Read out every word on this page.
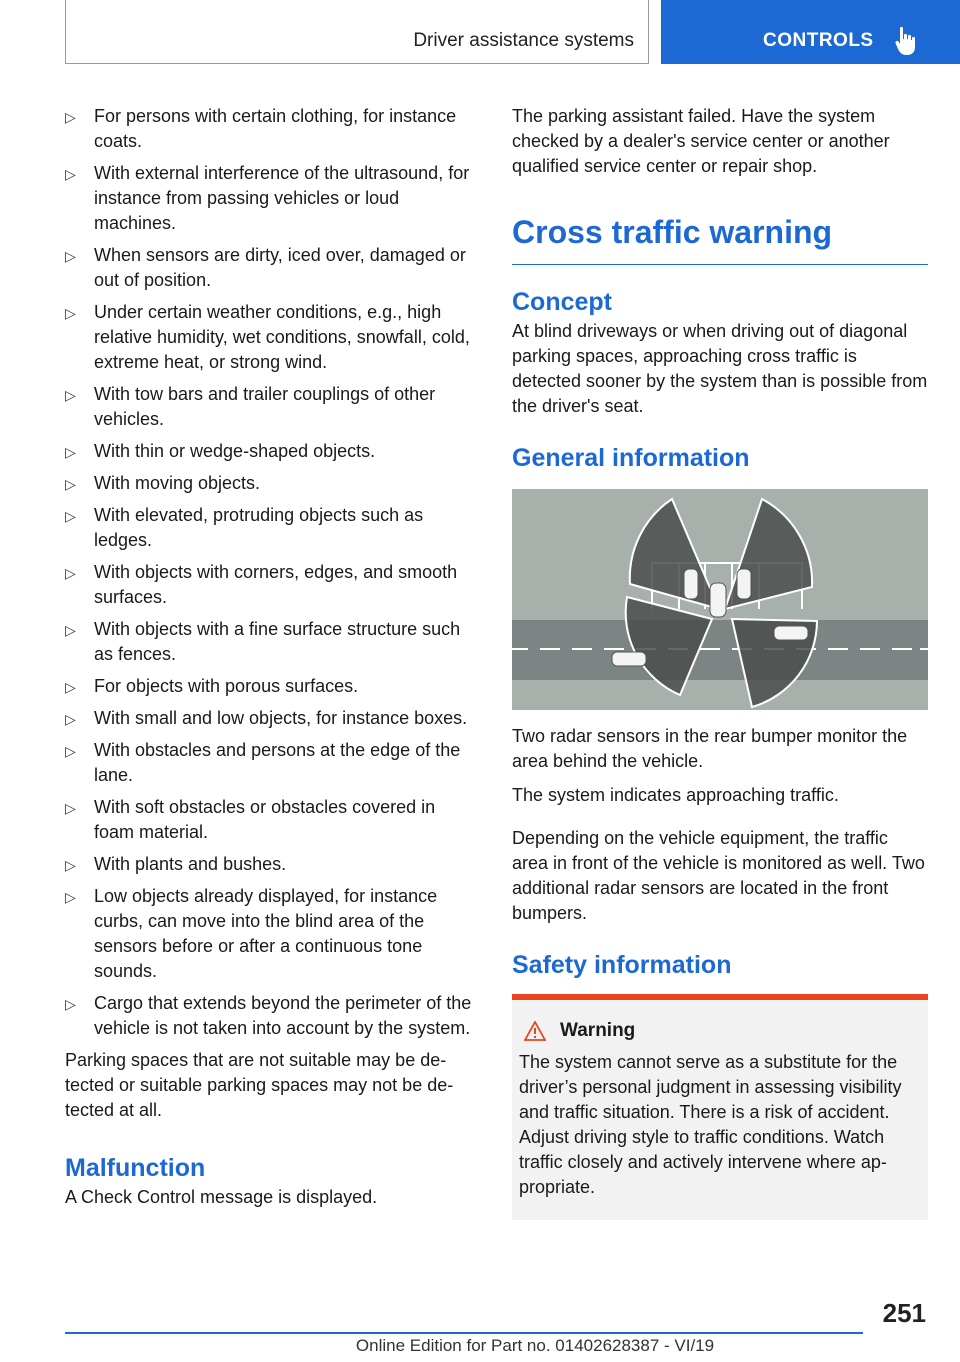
Driver assistance systems	CONTROLS
▷ For persons with certain clothing, for instance coats.
▷ With external interference of the ultrasound, for instance from passing vehicles or loud machines.
▷ When sensors are dirty, iced over, damaged or out of position.
▷ Under certain weather conditions, e.g., high relative humidity, wet conditions, snowfall, cold, extreme heat, or strong wind.
▷ With tow bars and trailer couplings of other vehicles.
▷ With thin or wedge-shaped objects.
▷ With moving objects.
▷ With elevated, protruding objects such as ledges.
▷ With objects with corners, edges, and smooth surfaces.
▷ With objects with a fine surface structure such as fences.
▷ For objects with porous surfaces.
▷ With small and low objects, for instance boxes.
▷ With obstacles and persons at the edge of the lane.
▷ With soft obstacles or obstacles covered in foam material.
▷ With plants and bushes.
▷ Low objects already displayed, for instance curbs, can move into the blind area of the sensors before or after a continuous tone sounds.
▷ Cargo that extends beyond the perimeter of the vehicle is not taken into account by the system.

Parking spaces that are not suitable may be detected or suitable parking spaces may not be detected at all.

Malfunction

A Check Control message is displayed.

The parking assistant failed. Have the system checked by a dealer's service center or another qualified service center or repair shop.

Cross traffic warning
Concept

At blind driveways or when driving out of diagonal parking spaces, approaching cross traffic is detected sooner by the system than is possible from the driver's seat.

General information

Two radar sensors in the rear bumper monitor the area behind the vehicle.

The system indicates approaching traffic.

Depending on the vehicle equipment, the traffic area in front of the vehicle is monitored as well. Two additional radar sensors are located in the front bumpers.

Safety information
Warning

The system cannot serve as a substitute for the driver’s personal judgment in assessing visibility and traffic situation. There is a risk of accident. Adjust driving style to traffic conditions. Watch traffic closely and actively intervene where appropriate.

251
Online Edition for Part no. 01402628387 - VI/19
